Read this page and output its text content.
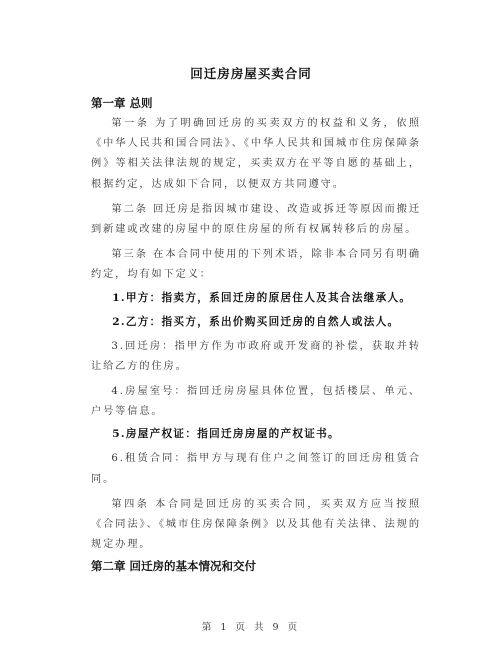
回迁房房屋买卖合同

第一章 总则

第一条 为了明确回迁房的买卖双方的权益和义务，依照《中华人民共和国合同法》、《中华人民共和国城市住房保障条例》等相关法律法规的规定，买卖双方在平等自愿的基础上，根据约定，达成如下合同，以便双方共同遵守。

第二条 回迁房是指因城市建设、改造或拆迁等原因而搬迁到新建或改建的房屋中的原住房屋的所有权属转移后的房屋。

第三条 在本合同中使用的下列术语，除非本合同另有明确约定，均有如下定义：

1.甲方：指卖方，系回迁房的原居住人及其合法继承人。

2.乙方：指买方，系出价购买回迁房的自然人或法人。

3.回迁房：指甲方作为市政府或开发商的补偿，获取并转让给乙方的住房。

4.房屋室号：指回迁房房屋具体位置，包括楼层、单元、户号等信息。

5.房屋产权证：指回迁房房屋的产权证书。

6.租赁合同：指甲方与现有住户之间签订的回迁房租赁合同。

第四条 本合同是回迁房的买卖合同，买卖双方应当按照《合同法》、《城市住房保障条例》以及其他有关法律、法规的规定办理。

第二章 回迁房的基本情况和交付

第 1 页 共 9 页
